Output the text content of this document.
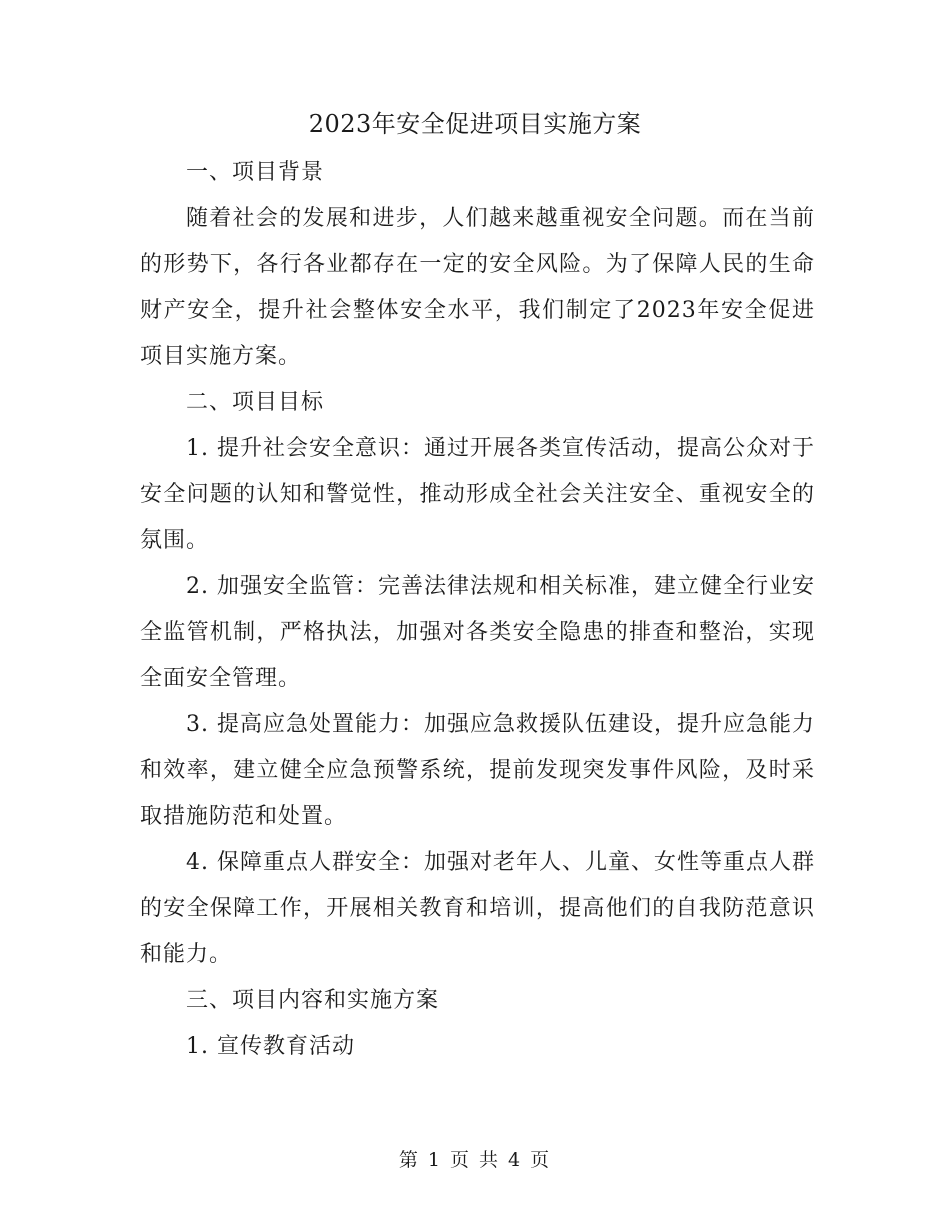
2023年安全促进项目实施方案

一、项目背景

随着社会的发展和进步，人们越来越重视安全问题。而在当前的形势下，各行各业都存在一定的安全风险。为了保障人民的生命财产安全，提升社会整体安全水平，我们制定了2023年安全促进项目实施方案。

二、项目目标

1. 提升社会安全意识：通过开展各类宣传活动，提高公众对于安全问题的认知和警觉性，推动形成全社会关注安全、重视安全的氛围。

2. 加强安全监管：完善法律法规和相关标准，建立健全行业安全监管机制，严格执法，加强对各类安全隐患的排查和整治，实现全面安全管理。

3. 提高应急处置能力：加强应急救援队伍建设，提升应急能力和效率，建立健全应急预警系统，提前发现突发事件风险，及时采取措施防范和处置。

4. 保障重点人群安全：加强对老年人、儿童、女性等重点人群的安全保障工作，开展相关教育和培训，提高他们的自我防范意识和能力。

三、项目内容和实施方案

1. 宣传教育活动

第 1 页 共 4 页
